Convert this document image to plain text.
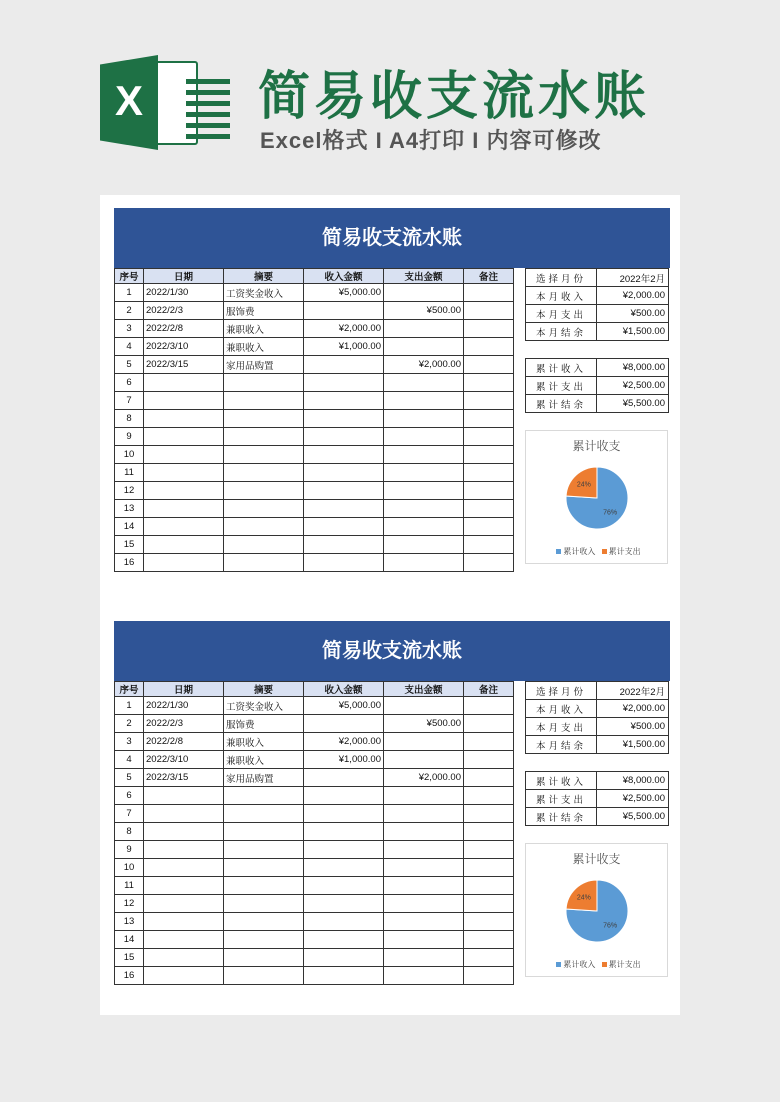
X 简易收支流水账
Excel格式 I A4打印 I 内容可修改
简易收支流水账
序号	日期	摘要	收入金额	支出金额	备注
1	2022/1/30	工资奖金收入	¥5,000.00		
2	2022/2/3	服饰费		¥500.00	
3	2022/2/8	兼职收入	¥2,000.00		
4	2022/3/10	兼职收入	¥1,000.00		
5	2022/3/15	家用品购置		¥2,000.00	
6					
7					
8					
9					
10					
11					
12					
13					
14					
15					
16					
选择月份	2022年2月
本月收入	¥2,000.00
本月支出	¥500.00
本月结余	¥1,500.00
累计收入	¥8,000.00
累计支出	¥2,500.00
累计结余	¥5,500.00
累计收支
76%
24%
累计收入 累计支出
简易收支流水账
序号	日期	摘要	收入金额	支出金额	备注
1	2022/1/30	工资奖金收入	¥5,000.00		
2	2022/2/3	服饰费		¥500.00	
3	2022/2/8	兼职收入	¥2,000.00		
4	2022/3/10	兼职收入	¥1,000.00		
5	2022/3/15	家用品购置		¥2,000.00	
6					
7					
8					
9					
10					
11					
12					
13					
14					
15					
16					
选择月份	2022年2月
本月收入	¥2,000.00
本月支出	¥500.00
本月结余	¥1,500.00
累计收入	¥8,000.00
累计支出	¥2,500.00
累计结余	¥5,500.00
累计收支
76%
24%
累计收入 累计支出
